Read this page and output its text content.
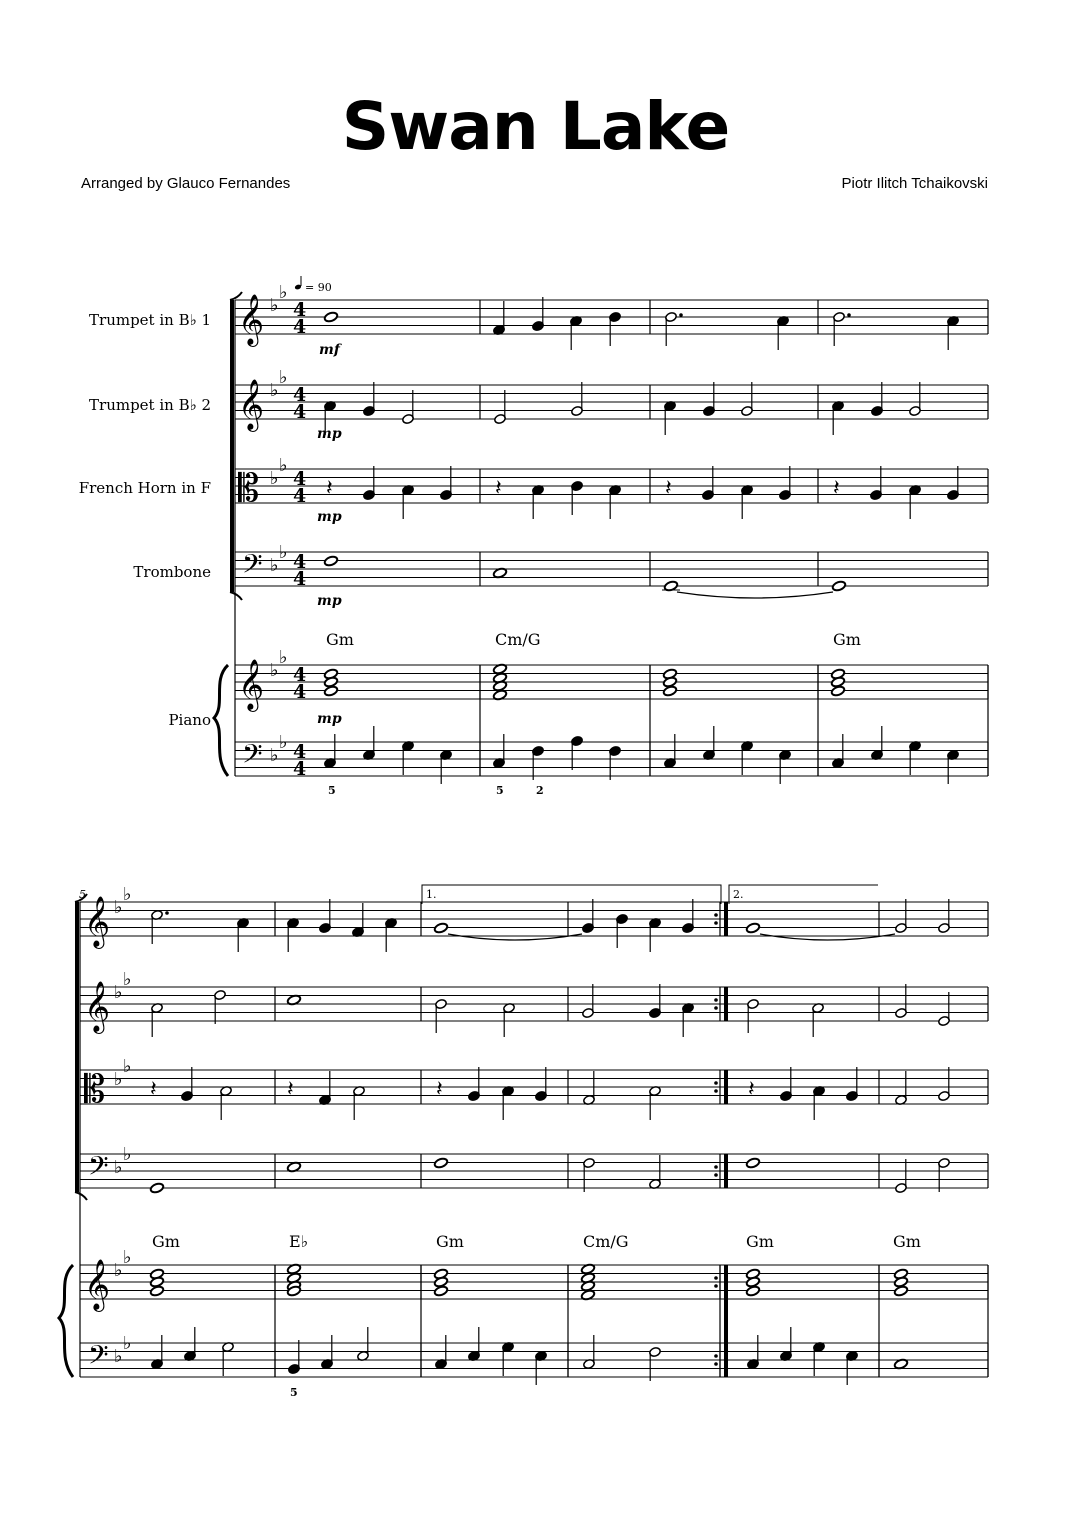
Swan Lake
Arranged by Glauco Fernandes	Piotr Ilitch Tchaikovski
= 90
Trumpet in B♭ 1
Trumpet in B♭ 2
French Horn in F
Trombone
Piano
𝄞 ♭
♭
4
4
𝄞 ♭
♭
4
4
𝄡 ♭
♭
4
4
𝄢 ♭
♭ 4
4
𝄞 ♭
♭
4
4
𝄢 ♭
♭ 4
4
Gm	Cm/G	Gm
mf
mp
mp
mp
mp
5	5	2
𝄽	𝄽	𝄽	𝄽
5
𝄞 ♭
♭
𝄞 ♭
♭
𝄡 ♭
♭
𝄢 ♭
♭
𝄞 ♭
♭
𝄢 ♭
♭
1.	2.
Gm	E♭	Gm	Cm/G	Gm	Gm
5
𝄽	𝄽	𝄽	𝄽
